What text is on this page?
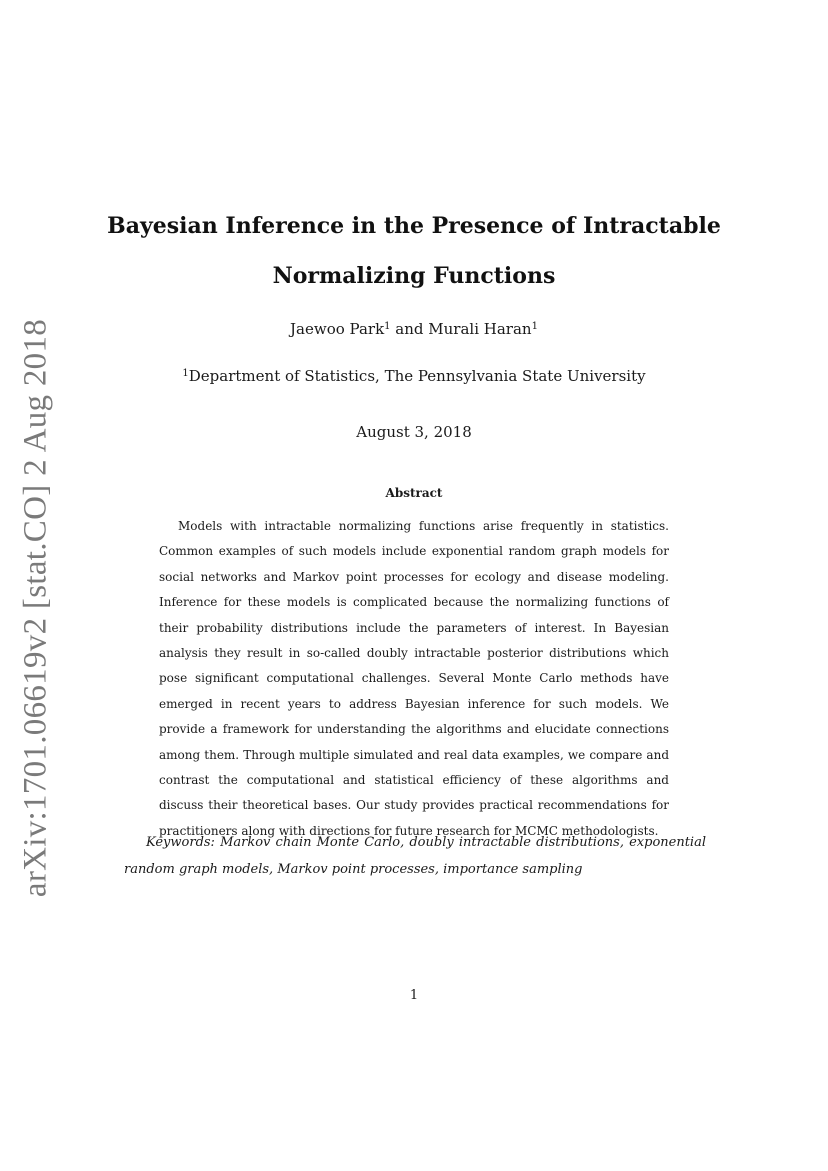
arXiv:1701.06619v2 [stat.CO] 2 Aug 2018
Bayesian Inference in the Presence of Intractable Normalizing Functions
Jaewoo Park$^1$ and Murali Haran$^1$
$^1$Department of Statistics, The Pennsylvania State University
August 3, 2018
Abstract

Models with intractable normalizing functions arise frequently in statistics. Common examples of such models include exponential random graph models for social networks and Markov point processes for ecology and disease modeling. Inference for these models is complicated because the normalizing functions of their probability distributions include the parameters of interest. In Bayesian analysis they result in so-called doubly intractable posterior distributions which pose significant computational challenges. Several Monte Carlo methods have emerged in recent years to address Bayesian inference for such models. We provide a framework for understanding the algorithms and elucidate connections among them. Through multiple simulated and real data examples, we compare and contrast the computational and statistical efficiency of these algorithms and discuss their theoretical bases. Our study provides practical recommendations for practitioners along with directions for future research for MCMC methodologists.

Keywords: Markov chain Monte Carlo, doubly intractable distributions, exponential random graph models, Markov point processes, importance sampling

1
